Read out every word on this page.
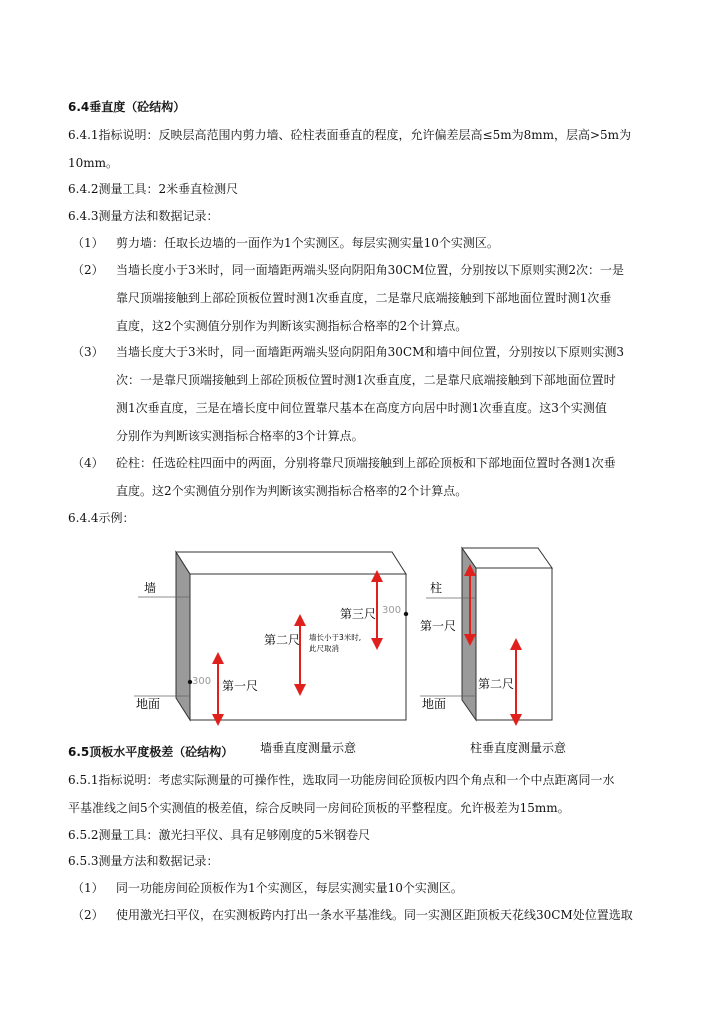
6.4垂直度（砼结构）
6.4.1指标说明：反映层高范围内剪力墙、砼柱表面垂直的程度，允许偏差层高≤5m为8mm，层高>5m为
10mm。
6.4.2测量工具：2米垂直检测尺
6.4.3测量方法和数据记录：
（1） 剪力墙：任取长边墙的一面作为1个实测区。每层实测实量10个实测区。
（2） 当墙长度小于3米时，同一面墙距两端头竖向阴阳角30CM位置，分别按以下原则实测2次：一是
靠尺顶端接触到上部砼顶板位置时测1次垂直度，二是靠尺底端接触到下部地面位置时测1次垂
直度，这2个实测值分别作为判断该实测指标合格率的2个计算点。
（3） 当墙长度大于3米时，同一面墙距两端头竖向阴阳角30CM和墙中间位置，分别按以下原则实测3
次：一是靠尺顶端接触到上部砼顶板位置时测1次垂直度，二是靠尺底端接触到下部地面位置时
测1次垂直度，三是在墙长度中间位置靠尺基本在高度方向居中时测1次垂直度。这3个实测值
分别作为判断该实测指标合格率的3个计算点。
（4） 砼柱：任选砼柱四面中的两面，分别将靠尺顶端接触到上部砼顶板和下部地面位置时各测1次垂
直度。这2个实测值分别作为判断该实测指标合格率的2个计算点。
6.4.4示例：
墙
地面
第一尺
第二尺
第三尺
300
300
墙长小于3米时,
此尺取消
柱
地面
第一尺
第二尺
墙垂直度测量示意	柱垂直度测量示意
6.5顶板水平度极差（砼结构）
6.5.1指标说明：考虑实际测量的可操作性，选取同一功能房间砼顶板内四个角点和一个中点距离同一水
平基准线之间5个实测值的极差值，综合反映同一房间砼顶板的平整程度。允许极差为15mm。
6.5.2测量工具：激光扫平仪、具有足够刚度的5米钢卷尺
6.5.3测量方法和数据记录：
（1） 同一功能房间砼顶板作为1个实测区，每层实测实量10个实测区。
（2） 使用激光扫平仪，在实测板跨内打出一条水平基准线。同一实测区距顶板天花线30CM处位置选取
